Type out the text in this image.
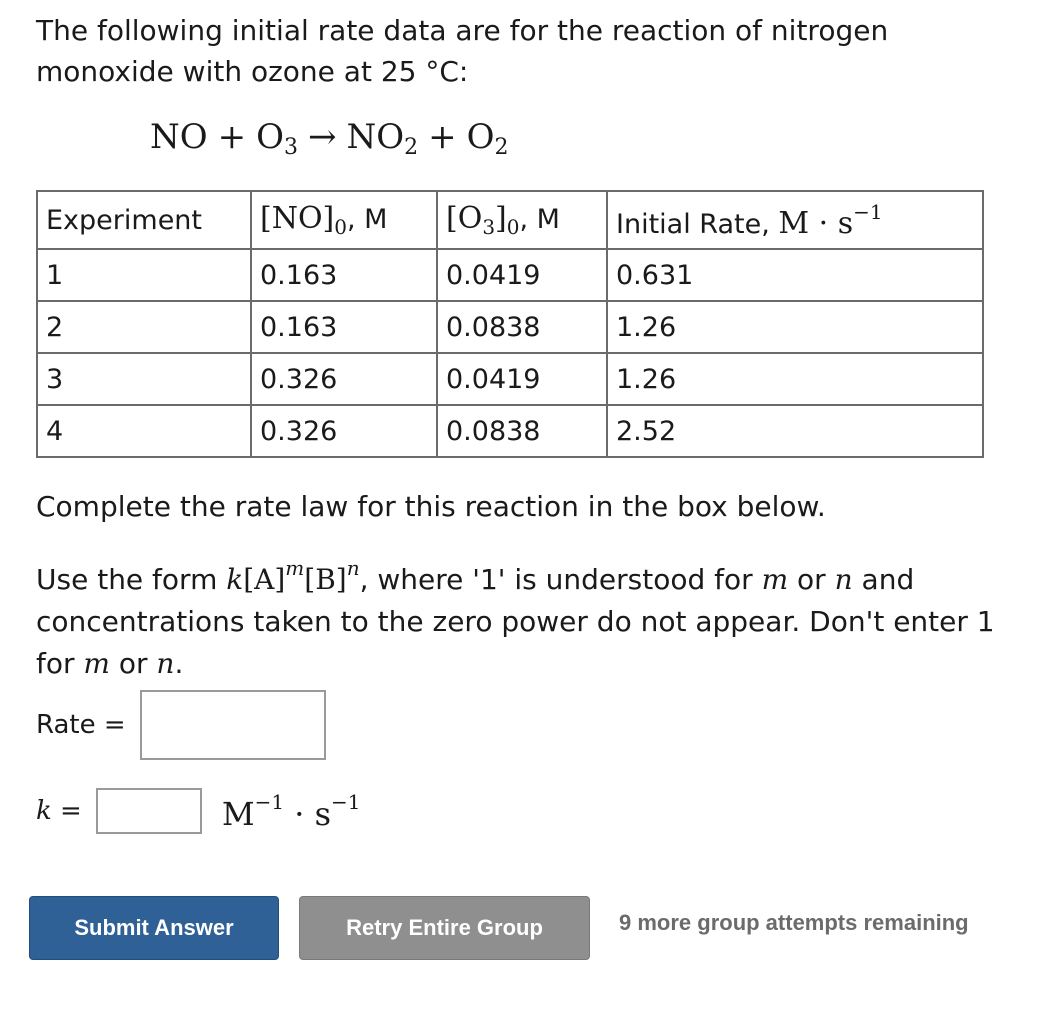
The following initial rate data are for the reaction of nitrogen monoxide with ozone at 25 °C:

NO + $O_3 \to NO_2 + O_2$
Experiment	$[NO]_0$, M	$[O_3]_0$, M	Initial Rate, $M \cdot s^{-1}$
1	0.163	0.0419	0.631
2	0.163	0.0838	1.26
3	0.326	0.0419	1.26
4	0.326	0.0838	2.52

Complete the rate law for this reaction in the box below.

Use the form $k[A]^m[B]^n$, where '1' is understood for m or n and concentrations taken to the zero power do not appear. Don't enter 1 for m or n.

Rate =
k =	$M^{-1} \cdot s^{-1}$
Submit Answer	Retry Entire Group	9 more group attempts remaining
